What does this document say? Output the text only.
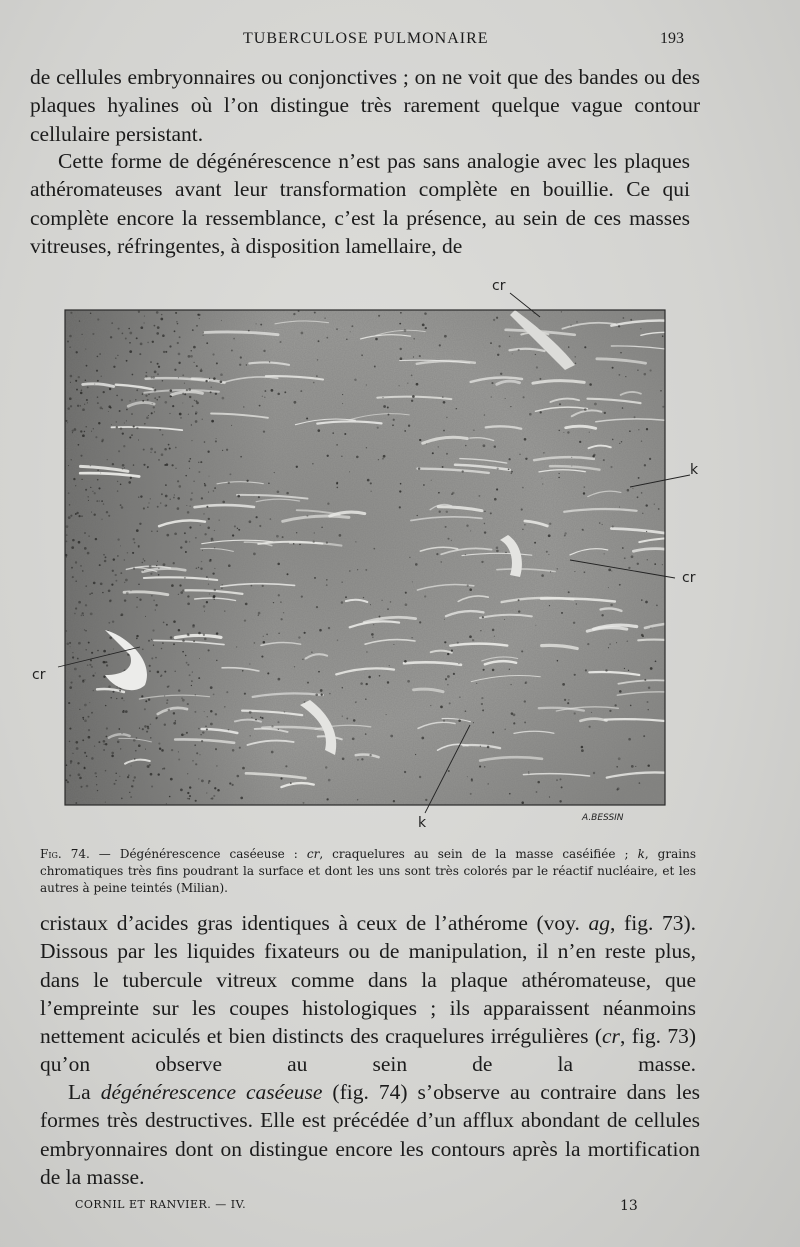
TUBERCULOSE PULMONAIRE	193

de cellules embryonnaires ou conjonctives ; on ne voit que des bandes ou des plaques hyalines où l’on distingue très rarement quelque vague contour cellulaire persistant.

Cette forme de dégénérescence n’est pas sans analogie avec les plaques athéromateuses avant leur transformation complète en bouillie. Ce qui complète encore la ressemblance, c’est la présence, au sein de ces masses vitreuses, réfringentes, à disposition lamellaire, de

cr
k
cr
cr
k	A.BESSIN
Fig. 74. — Dégénérescence caséeuse : cr, craquelures au sein de la masse caséifiée ; k, grains chromatiques très fins poudrant la surface et dont les uns sont très colorés par le réactif nucléaire, et les autres à peine teintés (Milian).

cristaux d’acides gras identiques à ceux de l’athérome (voy. ag, fig. 73). Dissous par les liquides fixateurs ou de manipulation, il n’en reste plus, dans le tubercule vitreux comme dans la plaque athéromateuse, que l’empreinte sur les coupes histologiques ; ils apparaissent néanmoins nettement aciculés et bien distincts des craquelures irrégulières (cr, fig. 73) qu’on observe au sein de la masse.

La dégénérescence caséeuse (fig. 74) s’observe au contraire dans les formes très destructives. Elle est précédée d’un afflux abondant de cellules embryonnaires dont on distingue encore les contours après la mortification de la masse.

CORNIL ET RANVIER. — IV.	13
